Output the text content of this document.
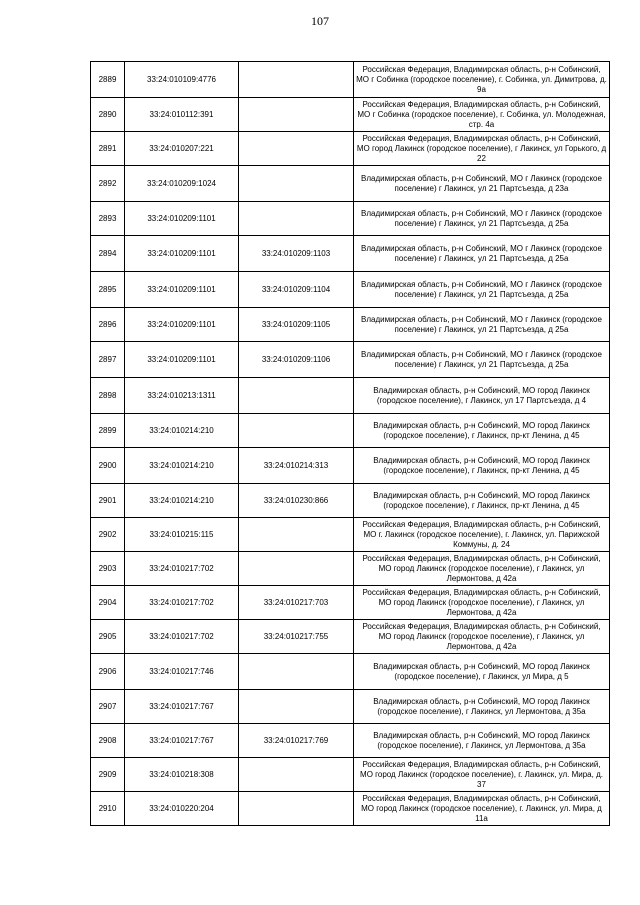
107
2889	33:24:010109:4776		Российская Федерация, Владимирская область, р-н Собинский, МО г Собинка (городское поселение), г. Собинка, ул. Димитрова, д. 9а
2890	33:24:010112:391		Российская Федерация, Владимирская область, р-н Собинский, МО г Собинка (городское поселение), г. Собинка, ул. Молодежная, стр. 4а
2891	33:24:010207:221		Российская Федерация, Владимирская область, р-н Собинский, МО город Лакинск (городское поселение), г Лакинск, ул Горького, д 22
2892	33:24:010209:1024		Владимирская область, р-н Собинский, МО г Лакинск (городское поселение) г Лакинск, ул 21 Партсъезда, д 23а
2893	33:24:010209:1101		Владимирская область, р-н Собинский, МО г Лакинск (городское поселение) г Лакинск, ул 21 Партсъезда, д 25а
2894	33:24:010209:1101	33:24:010209:1103	Владимирская область, р-н Собинский, МО г Лакинск (городское поселение) г Лакинск, ул 21 Партсъезда, д 25а
2895	33:24:010209:1101	33:24:010209:1104	Владимирская область, р-н Собинский, МО г Лакинск (городское поселение) г Лакинск, ул 21 Партсъезда, д 25а
2896	33:24:010209:1101	33:24:010209:1105	Владимирская область, р-н Собинский, МО г Лакинск (городское поселение) г Лакинск, ул 21 Партсъезда, д 25а
2897	33:24:010209:1101	33:24:010209:1106	Владимирская область, р-н Собинский, МО г Лакинск (городское поселение) г Лакинск, ул 21 Партсъезда, д 25а
2898	33:24:010213:1311		Владимирская область, р-н Собинский, МО город Лакинск (городское поселение), г Лакинск, ул 17 Партсъезда, д 4
2899	33:24:010214:210		Владимирская область, р-н Собинский, МО город Лакинск (городское поселение), г Лакинск, пр-кт Ленина, д 45
2900	33:24:010214:210	33:24:010214:313	Владимирская область, р-н Собинский, МО город Лакинск (городское поселение), г Лакинск, пр-кт Ленина, д 45
2901	33:24:010214:210	33:24:010230:866	Владимирская область, р-н Собинский, МО город Лакинск (городское поселение), г Лакинск, пр-кт Ленина, д 45
2902	33:24:010215:115		Российская Федерация, Владимирская область, р-н Собинский, МО г. Лакинск (городское поселение), г. Лакинск, ул. Парижской Коммуны, д. 24
2903	33:24:010217:702		Российская Федерация, Владимирская область, р-н Собинский, МО город Лакинск (городское поселение), г Лакинск, ул Лермонтова, д 42а
2904	33:24:010217:702	33:24:010217:703	Российская Федерация, Владимирская область, р-н Собинский, МО город Лакинск (городское поселение), г Лакинск, ул Лермонтова, д 42а
2905	33:24:010217:702	33:24:010217:755	Российская Федерация, Владимирская область, р-н Собинский, МО город Лакинск (городское поселение), г Лакинск, ул Лермонтова, д 42а
2906	33:24:010217:746		Владимирская область, р-н Собинский, МО город Лакинск (городское поселение), г Лакинск, ул Мира, д 5
2907	33:24:010217:767		Владимирская область, р-н Собинский, МО город Лакинск (городское поселение), г Лакинск, ул Лермонтова, д 35а
2908	33:24:010217:767	33:24:010217:769	Владимирская область, р-н Собинский, МО город Лакинск (городское поселение), г Лакинск, ул Лермонтова, д 35а
2909	33:24:010218:308		Российская Федерация, Владимирская область, р-н Собинский, МО город Лакинск (городское поселение), г. Лакинск, ул. Мира, д. 37
2910	33:24:010220:204		Российская Федерация, Владимирская область, р-н Собинский, МО город Лакинск (городское поселение), г. Лакинск, ул. Мира, д 11а
